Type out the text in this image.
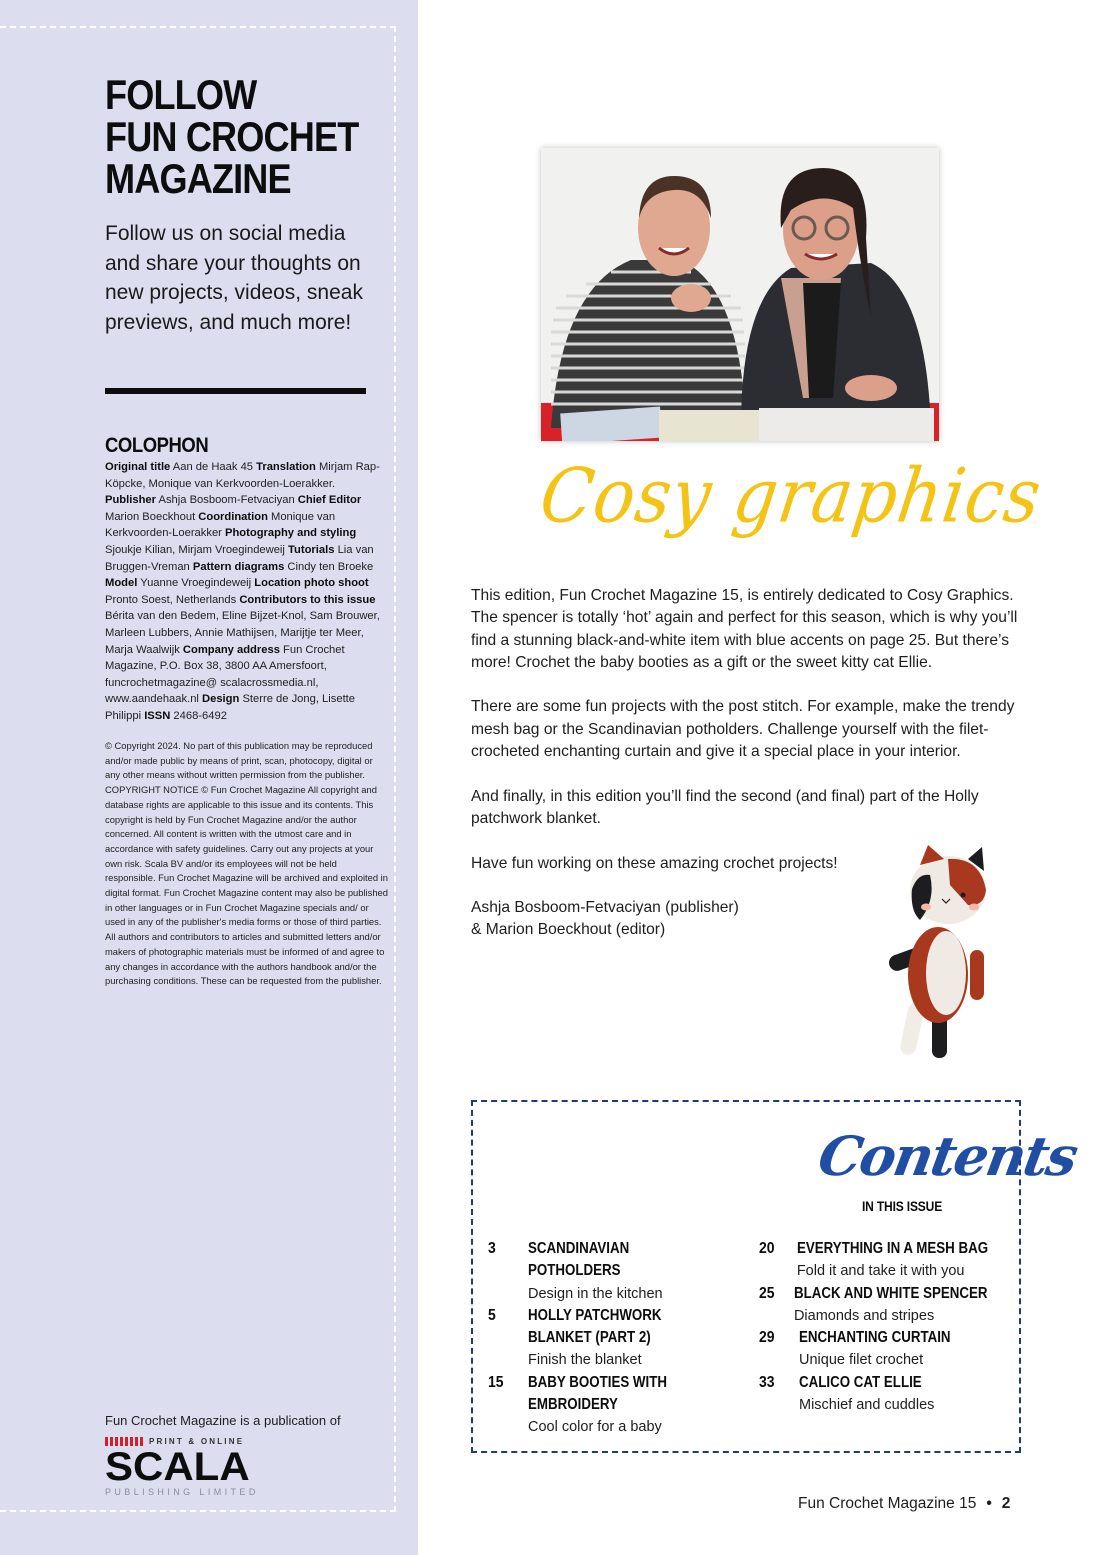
FOLLOW
FUN CROCHET
MAGAZINE

Follow us on social media and share your thoughts on new projects, videos, sneak previews, and much more!

COLOPHON

Original title Aan de Haak 45 Translation Mirjam Rap-Köpcke, Monique van Kerkvoorden-Loerakker. Publisher Ashja Bosboom-Fetvaciyan Chief Editor Marion Boeckhout Coordination Monique van Kerkvoorden-Loerakker Photography and styling Sjoukje Kilian, Mirjam Vroegindeweij Tutorials Lia van Bruggen-Vreman Pattern diagrams Cindy ten Broeke Model Yuanne Vroegindeweij Location photo shoot Pronto Soest, Netherlands Contributors to this issue Bérita van den Bedem, Eline Bijzet-Knol, Sam Brouwer, Marleen Lubbers, Annie Mathijsen, Marijtje ter Meer, Marja Waalwijk Company address Fun Crochet Magazine, P.O. Box 38, 3800 AA Amersfoort, funcrochetmagazine@ scalacrossmedia.nl, www.aandehaak.nl Design Sterre de Jong, Lisette Philippi ISSN 2468-6492

© Copyright 2024. No part of this publication may be reproduced and/or made public by means of print, scan, photocopy, digital or any other means without written permission from the publisher. COPYRIGHT NOTICE © Fun Crochet Magazine All copyright and database rights are applicable to this issue and its contents. This copyright is held by Fun Crochet Magazine and/or the author concerned. All content is written with the utmost care and in accordance with safety guidelines. Carry out any projects at your own risk. Scala BV and/or its employees will not be held responsible. Fun Crochet Magazine will be archived and exploited in digital format. Fun Crochet Magazine content may also be published in other languages or in Fun Crochet Magazine specials and/ or used in any of the publisher's media forms or those of third parties. All authors and contributors to articles and submitted letters and/or makers of photographic materials must be informed of and agree to any changes in accordance with the authors handbook and/or the purchasing conditions. These can be requested from the publisher.

Fun Crochet Magazine is a publication of

PRINT & ONLINE
SCALA
PUBLISHING LIMITED
Cosy graphics

This edition, Fun Crochet Magazine 15, is entirely dedicated to Cosy Graphics. The spencer is totally ‘hot’ again and perfect for this season, which is why you’ll find a stunning black-and-white item with blue accents on page 25. But there’s more! Crochet the baby booties as a gift or the sweet kitty cat Ellie.

There are some fun projects with the post stitch. For example, make the trendy mesh bag or the Scandinavian potholders. Challenge yourself with the filet-crocheted enchanting curtain and give it a special place in your interior.

And finally, in this edition you’ll find the second (and final) part of the Holly patchwork blanket.

Have fun working on these amazing crochet projects!

Ashja Bosboom-Fetvaciyan (publisher)
& Marion Boeckhout (editor)

Contents
IN THIS ISSUE
3	SCANDINAVIAN
POTHOLDERS
Design in the kitchen
5	HOLLY PATCHWORK
BLANKET (PART 2)
Finish the blanket
15	BABY BOOTIES WITH
EMBROIDERY
Cool color for a baby
20	EVERYTHING IN A MESH BAG
Fold it and take it with you
25	BLACK AND WHITE SPENCER
Diamonds and stripes
29	ENCHANTING CURTAIN
Unique filet crochet
33	CALICO CAT ELLIE
Mischief and cuddles
Fun Crochet Magazine 15 • 2
